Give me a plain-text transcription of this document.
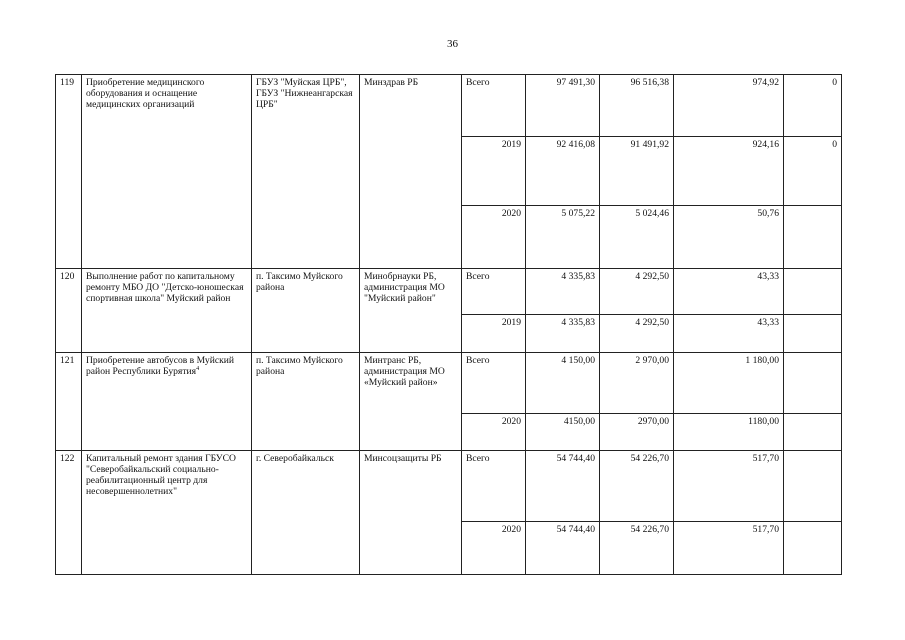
36
119	Приобретение медицинского оборудования и оснащение медицинских организаций	ГБУЗ "Муйская ЦРБ", ГБУЗ "Нижнеангарская ЦРБ"	Минздрав РБ	Всего	97 491,30	96 516,38	974,92	0
				2019	92 416,08	91 491,92	924,16	0
				2020	5 075,22	5 024,46	50,76	
120	Выполнение работ по капитальному ремонту МБО ДО "Детско-юношеская спортивная школа" Муйский район	п. Таксимо Муйского района	Минобрнауки РБ, администрация МО "Муйский район"	Всего	4 335,83	4 292,50	43,33	
				2019	4 335,83	4 292,50	43,33	
121	Приобретение автобусов в Муйский район Республики Бурятия$^4$	п. Таксимо Муйского района	Минтранс РБ, администрация МО «Муйский район»	Всего	4 150,00	2 970,00	1 180,00	
				2020	4150,00	2970,00	1180,00	
122	Капитальный ремонт здания ГБУСО "Северобайкальский социально-реабилитационный центр для несовершеннолетних"	г. Северобайкальск	Минсоцзащиты РБ	Всего	54 744,40	54 226,70	517,70	
				2020	54 744,40	54 226,70	517,70	
